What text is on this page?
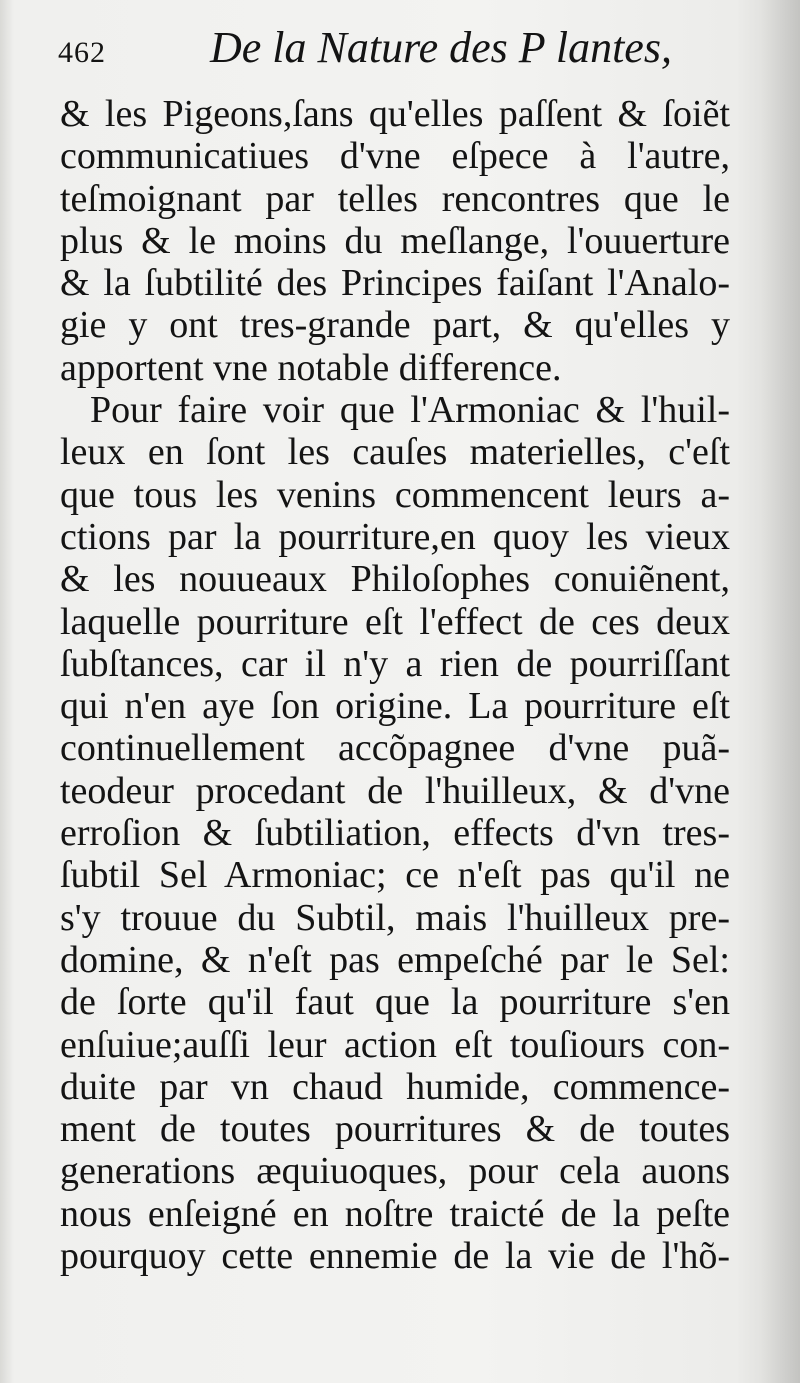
462 De la Nature des P lantes,
& les Pigeons,ſans qu'elles paſſent & ſoiẽt
communicatiues d'vne eſpece à l'autre,
teſmoignant par telles rencontres que le
plus & le moins du meſlange, l'ouuerture
& la ſubtilité des Principes faiſant l'Analo-
gie y ont tres-grande part, & qu'elles y
apportent vne notable difference.
Pour faire voir que l'Armoniac & l'huil-
leux en ſont les cauſes materielles, c'eſt
que tous les venins commencent leurs a-
ctions par la pourriture,en quoy les vieux
& les nouueaux Philoſophes conuiẽnent,
laquelle pourriture eſt l'effect de ces deux
ſubſtances, car il n'y a rien de pourriſſant
qui n'en aye ſon origine. La pourriture eſt
continuellement accõpagnee d'vne puã-
teodeur procedant de l'huilleux, & d'vne
erroſion & ſubtiliation, effects d'vn tres-
ſubtil Sel Armoniac; ce n'eſt pas qu'il ne
s'y trouue du Subtil, mais l'huilleux pre-
domine, & n'eſt pas empeſché par le Sel:
de ſorte qu'il faut que la pourriture s'en
enſuiue;auſſi leur action eſt touſiours con-
duite par vn chaud humide, commence-
ment de toutes pourritures & de toutes
generations æquiuoques, pour cela auons
nous enſeigné en noſtre traicté de la peſte
pourquoy cette ennemie de la vie de l'hõ-
